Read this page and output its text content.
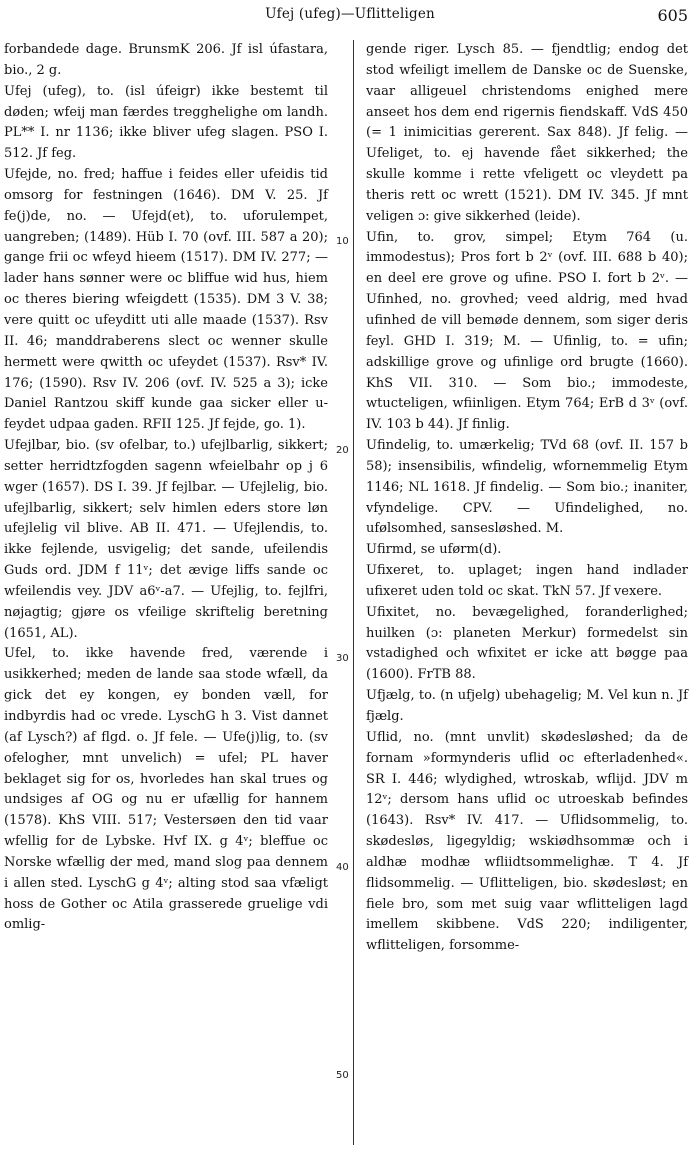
Ufej (ufeg)—Uflitteligen	605

forbandede dage. BrunsmK 206. Jf isl úfastara, bio., 2 g.

Ufej (ufeg), to. (isl úfeigr) ikke bestemt til døden; wfeij man færdes tregghelighe om landh. PL** I. nr 1136; ikke bliver ufeg slagen. PSO I. 512. Jf feg.

Ufejde, no. fred; haffue i feides eller ufeidis tid omsorg for festningen (1646). DM V. 25. Jf fe(j)de, no. — Ufejd(et), to. uforulempet, uangreben; (1489). Hüb I. 70 (ovf. III. 587 a 20); gange frii oc wfeyd hieem (1517). DM IV. 277; — lader hans sønner were oc bliffue wid hus, hiem oc theres biering wfeigdett (1535). DM 3 V. 38; vere quitt oc ufeyditt uti alle maade (1537). Rsv II. 46; manddraberens slect oc wenner skulle hermett were qwitth oc ufeydet (1537). Rsv* IV. 176; (1590). Rsv IV. 206 (ovf. IV. 525 a 3); icke Daniel Rantzou skiff kunde gaa sicker eller u-feydet udpaa gaden. RFII 125. Jf fejde, go. 1).

Ufejlbar, bio. (sv ofelbar, to.) ufejlbarlig, sikkert; setter herridtzfogden sagenn wfeielbahr op j 6 wger (1657). DS I. 39. Jf fejlbar. — Ufejlelig, bio. ufejlbarlig, sikkert; selv himlen eders store løn ufejlelig vil blive. AB II. 471. — Ufejlendis, to. ikke fejlende, usvigelig; det sande, ufeilendis Guds ord. JDM f 11ᵛ; det ævige liffs sande oc wfeilendis vey. JDV a6ᵛ-a7. — Ufejlig, to. fejlfri, nøjagtig; gjøre os vfeilige skriftelig beretning (1651, AL).

Ufel, to. ikke havende fred, værende i usikkerhed; meden de lande saa stode wfæll, da gick det ey kongen, ey bonden væll, for indbyrdis had oc vrede. LyschG h 3. Vist dannet (af Lysch?) af flgd. o. Jf fele. — Ufe(j)lig, to. (sv ofelogher, mnt unvelich) = ufel; PL haver beklaget sig for os, hvorledes han skal trues og undsiges af OG og nu er ufællig for hannem (1578). KhS VIII. 517; Vestersøen den tid vaar wfellig for de Lybske. Hvf IX. g 4ᵛ; bleffue oc Norske wfællig der med, mand slog paa dennem i allen sted. LyschG g 4ᵛ; alting stod saa vfæligt hoss de Gother oc Atila grasserede gruelige vdi omlig-

10
20
30
40
50

gende riger. Lysch 85. — fjendtlig; endog det stod wfeiligt imellem de Danske oc de Suenske, vaar alligeuel christendoms enighed mere anseet hos dem end rigernis fiendskaff. VdS 450 (= 1 inimicitias gererent. Sax 848). Jf felig. — Ufeliget, to. ej havende fået sikkerhed; the skulle komme i rette vfeligett oc vleydett pa theris rett oc wrett (1521). DM IV. 345. Jf mnt veligen ɔ: give sikkerhed (leide).

Ufin, to. grov, simpel; Etym 764 (u. immodestus); Pros fort b 2ᵛ (ovf. III. 688 b 40); en deel ere grove og ufine. PSO I. fort b 2ᵛ. — Ufinhed, no. grovhed; veed aldrig, med hvad ufinhed de vill bemøde dennem, som siger deris feyl. GHD I. 319; M. — Ufinlig, to. = ufin; adskillige grove og ufinlige ord brugte (1660). KhS VII. 310. — Som bio.; immodeste, wtucteligen, wfiinligen. Etym 764; ErB d 3ᵛ (ovf. IV. 103 b 44). Jf finlig.

Ufindelig, to. umærkelig; TVd 68 (ovf. II. 157 b 58); insensibilis, wfindelig, wfornemmelig Etym 1146; NL 1618. Jf findelig. — Som bio.; inaniter, vfyndelige. CPV. — Ufindelighed, no. ufølsomhed, sansesløshed. M.

Ufirmd, se uførm(d).

Ufixeret, to. uplaget; ingen hand indlader ufixeret uden told oc skat. TkN 57. Jf vexere.

Ufixitet, no. bevægelighed, foranderlighed; huilken (ɔ: planeten Merkur) formedelst sin vstadighed och wfixitet er icke att bøgge paa (1600). FrTB 88.

Ufjælg, to. (n ufjelg) ubehagelig; M. Vel kun n. Jf fjælg.

Uflid, no. (mnt unvlit) skødesløshed; da de fornam »formynderis uflid oc efterladenhed«. SR I. 446; wlydighed, wtroskab, wflijd. JDV m 12ᵛ; dersom hans uflid oc utroeskab befindes (1643). Rsv* IV. 417. — Uflidsommelig, to. skødesløs, ligegyldig; wskiødhsommæ och i aldhæ modhæ wfliidtsommelighæ. T 4. Jf flidsommelig. — Uflitteligen, bio. skødesløst; en fiele bro, som met suig vaar wflitteligen lagd imellem skibbene. VdS 220; indiligenter, wflitteligen, forsomme-
